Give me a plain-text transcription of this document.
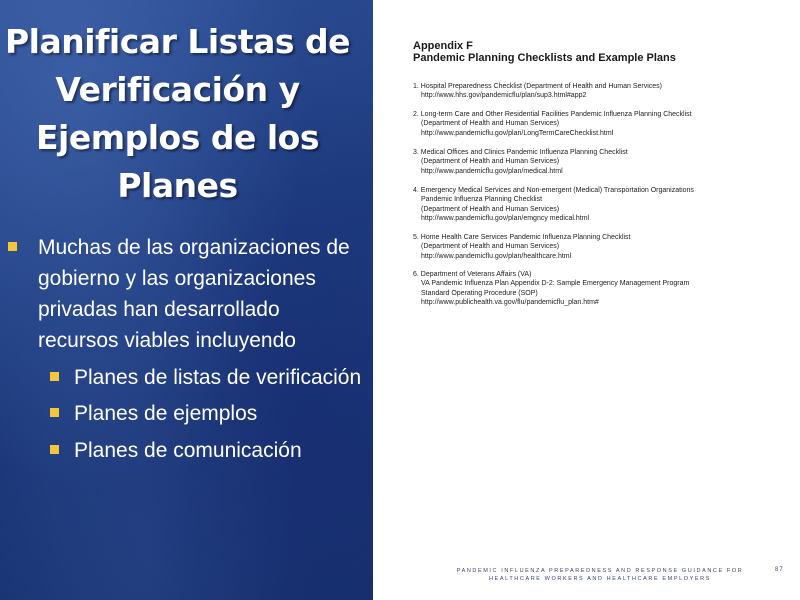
Planificar Listas de
Verificación y
Ejemplos de los
Planes
Muchas de las organizaciones de
gobierno y las organizaciones
privadas han desarrollado
recursos viables incluyendo
Planes de listas de verificación
Planes de ejemplos
Planes de comunicación
Appendix F
Pandemic Planning Checklists and Example Plans
1. Hospital Preparedness Checklist (Department of Health and Human Services)
http://www.hhs.gov/pandemicflu/plan/sup3.html#app2
2. Long-term Care and Other Residential Facilities Pandemic Influenza Planning Checklist
(Department of Health and Human Services)
http://www.pandemicflu.gov/plan/LongTermCareChecklist.html
3. Medical Offices and Clinics Pandemic Influenza Planning Checklist
(Department of Health and Human Services)
http://www.pandemicflu.gov/plan/medical.html
4. Emergency Medical Services and Non-emergent (Medical) Transportation Organizations
Pandemic Influenza Planning Checklist
(Department of Health and Human Services)
http://www.pandemicflu.gov/plan/emgncy medical.html
5. Home Health Care Services Pandemic Influenza Planning Checklist
(Department of Health and Human Services)
http://www.pandemicflu.gov/plan/healthcare.html
6. Department of Veterans Affairs (VA)
VA Pandemic Influenza Plan Appendix D-2: Sample Emergency Management Program
Standard Operating Procedure (SOP)
http://www.publichealth.va.gov/flu/pandemicflu_plan.htm#
PANDEMIC INFLUENZA PREPAREDNESS AND RESPONSE GUIDANCE FOR
HEALTHCARE WORKERS AND HEALTHCARE EMPLOYERS
87
